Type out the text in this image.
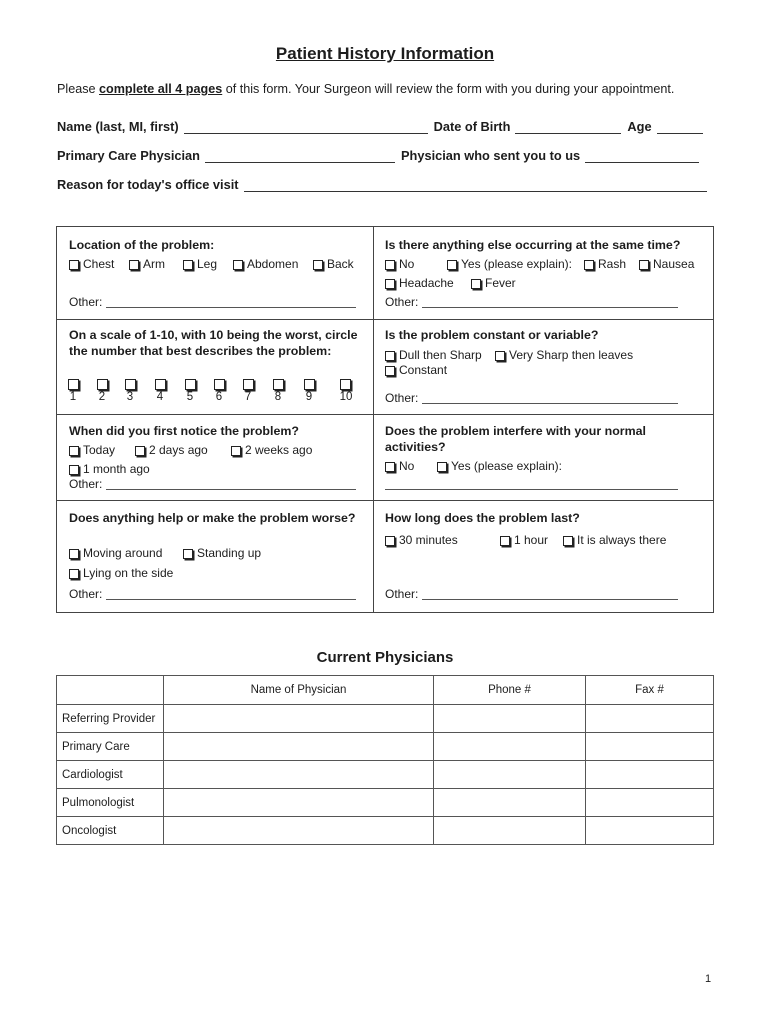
Patient History Information
Please complete all 4 pages of this form. Your Surgeon will review the form with you during your appointment.
Name (last, MI, first)	Date of Birth	Age
Primary Care Physician	Physician who sent you to us
Reason for today's office visit
Location of the problem:
Chest Arm	Leg Abdomen Back
Other:
Is there anything else occurring at the same time?
No	Yes (please explain): Rash Nausea
Headache	Fever
Other:
On a scale of 1-10, with 10 being the worst, circle the number that best describes the problem:
1	2	3	4	5	6	7	8	9	10
Is the problem constant or variable?
Dull then Sharp Very Sharp then leaves
Constant
Other:
When did you first notice the problem?
Today	2 days ago	2 weeks ago
1 month ago
Other:
Does the problem interfere with your normal activities?
No	Yes (please explain):
Does anything help or make the problem worse?
Moving around	Standing up
Lying on the side
Other:
How long does the problem last?
30 minutes	1 hour It is always there
Other:
Current Physicians
	Name of Physician	Phone #	Fax #
Referring Provider			
Primary Care			
Cardiologist			
Pulmonologist			
Oncologist			
1
